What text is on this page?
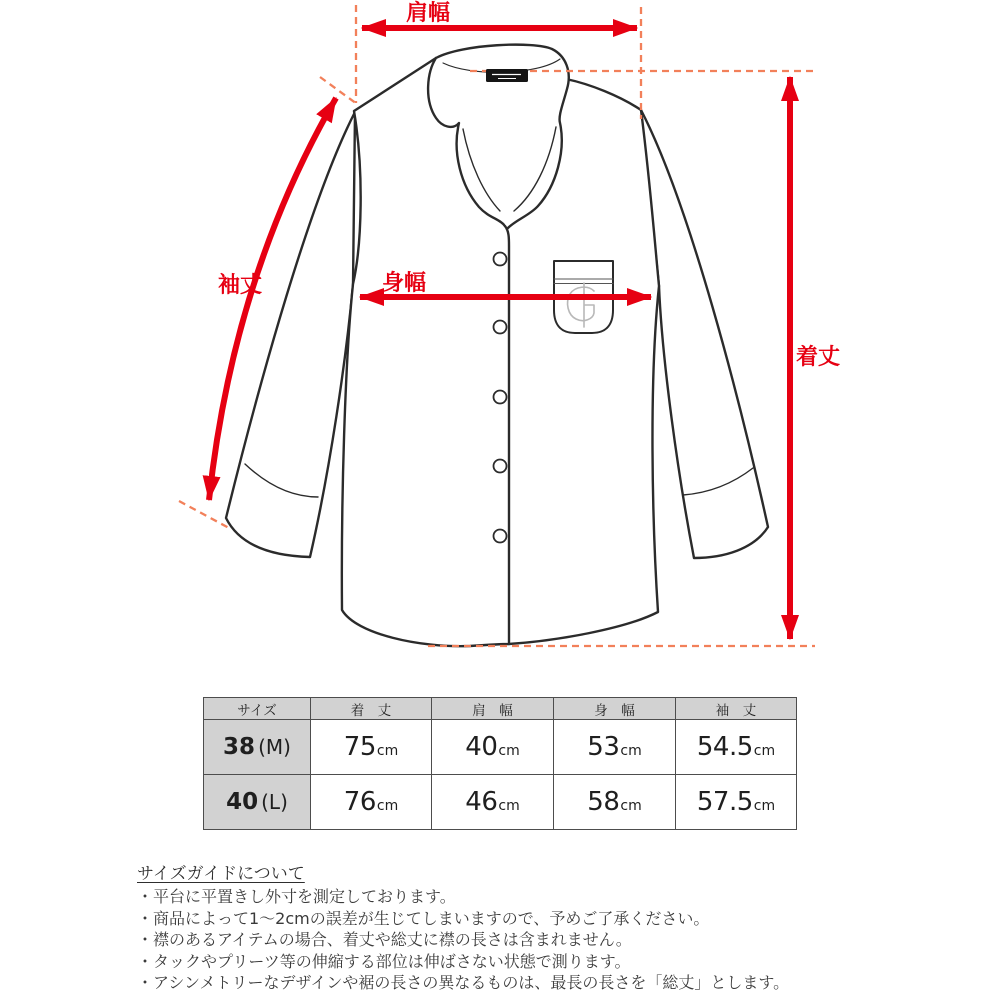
肩幅
袖丈	身幅
着丈
サイズ	着　丈	肩　幅	身　幅	袖　丈
38 (M)	75cm	40cm	53cm	54.5cm
40 (L)	76cm	46cm	58cm	57.5cm
サイズガイドについて
・平台に平置きし外寸を測定しております。
・商品によって1～2cmの誤差が生じてしまいますので、予めご了承ください。
・襟のあるアイテムの場合、着丈や総丈に襟の長さは含まれません。
・タックやプリーツ等の伸縮する部位は伸ばさない状態で測ります。
・アシンメトリーなデザインや裾の長さの異なるものは、最長の長さを「総丈」とします。
